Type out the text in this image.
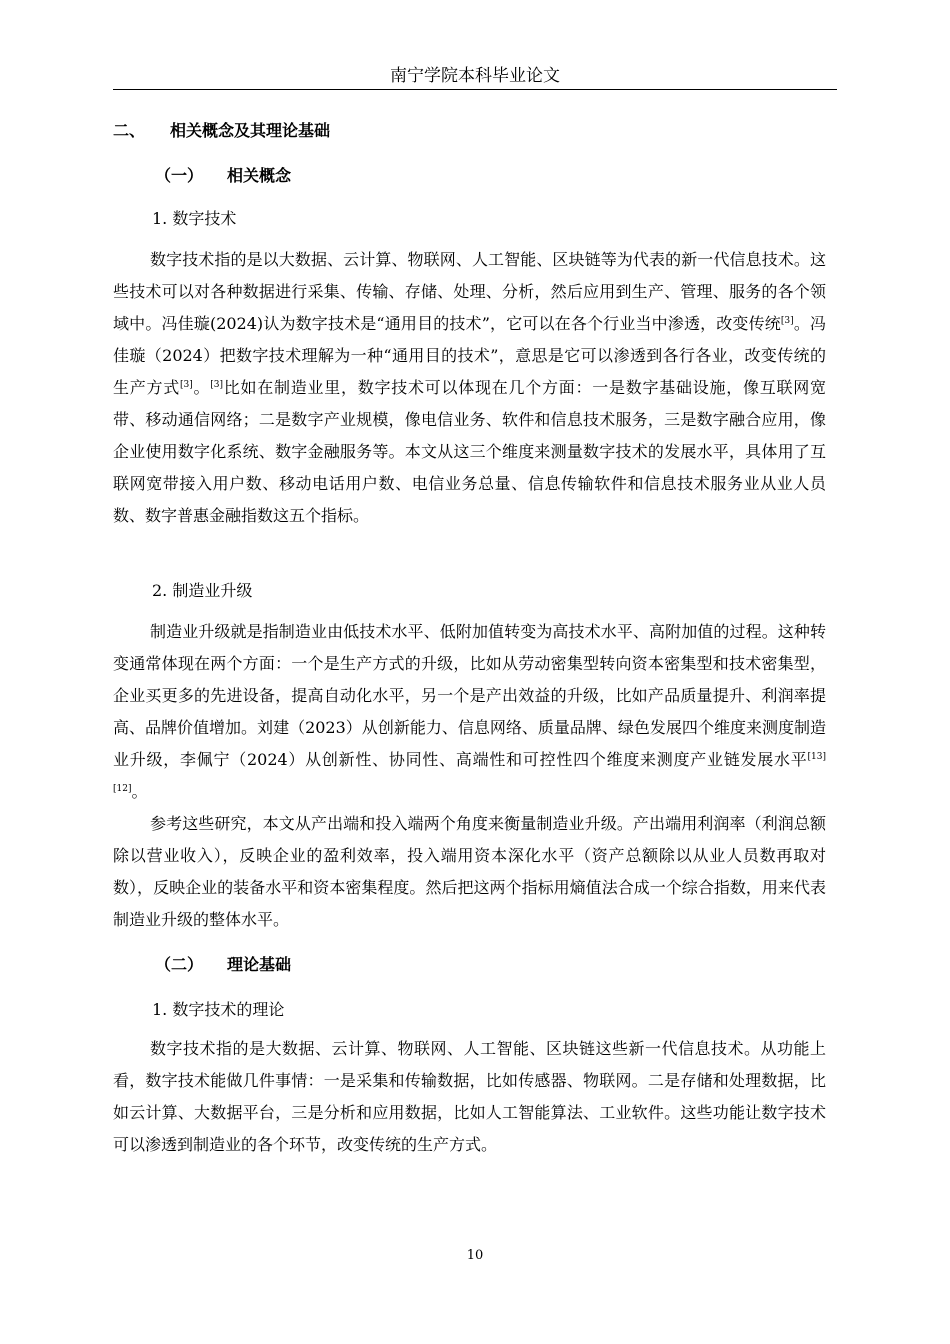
南宁学院本科毕业论文
二、 相关概念及其理论基础
（一） 相关概念
1. 数字技术
数字技术指的是以大数据、云计算、物联网、人工智能、区块链等为代表的新一代信息技术。这些技术可以对各种数据进行采集、传输、存储、处理、分析，然后应用到生产、管理、服务的各个领域中。冯佳璇(2024)认为数字技术是“通用目的技术”，它可以在各个行业当中渗透，改变传统[3]。冯佳璇（2024）把数字技术理解为一种“通用目的技术”，意思是它可以渗透到各行各业，改变传统的生产方式[3]。[3]比如在制造业里，数字技术可以体现在几个方面：一是数字基础设施，像互联网宽带、移动通信网络；二是数字产业规模，像电信业务、软件和信息技术服务，三是数字融合应用，像企业使用数字化系统、数字金融服务等。本文从这三个维度来测量数字技术的发展水平，具体用了互联网宽带接入用户数、移动电话用户数、电信业务总量、信息传输软件和信息技术服务业从业人员数、数字普惠金融指数这五个指标。
2. 制造业升级
制造业升级就是指制造业由低技术水平、低附加值转变为高技术水平、高附加值的过程。这种转变通常体现在两个方面：一个是生产方式的升级，比如从劳动密集型转向资本密集型和技术密集型，企业买更多的先进设备，提高自动化水平，另一个是产出效益的升级，比如产品质量提升、利润率提高、品牌价值增加。刘建（2023）从创新能力、信息网络、质量品牌、绿色发展四个维度来测度制造业升级，李佩宁（2024）从创新性、协同性、高端性和可控性四个维度来测度产业链发展水平[13][12]。
参考这些研究，本文从产出端和投入端两个角度来衡量制造业升级。产出端用利润率（利润总额除以营业收入），反映企业的盈利效率，投入端用资本深化水平（资产总额除以从业人员数再取对数），反映企业的装备水平和资本密集程度。然后把这两个指标用熵值法合成一个综合指数，用来代表制造业升级的整体水平。
（二） 理论基础
1. 数字技术的理论
数字技术指的是大数据、云计算、物联网、人工智能、区块链这些新一代信息技术。从功能上看，数字技术能做几件事情：一是采集和传输数据，比如传感器、物联网。二是存储和处理数据，比如云计算、大数据平台，三是分析和应用数据，比如人工智能算法、工业软件。这些功能让数字技术可以渗透到制造业的各个环节，改变传统的生产方式。
10
